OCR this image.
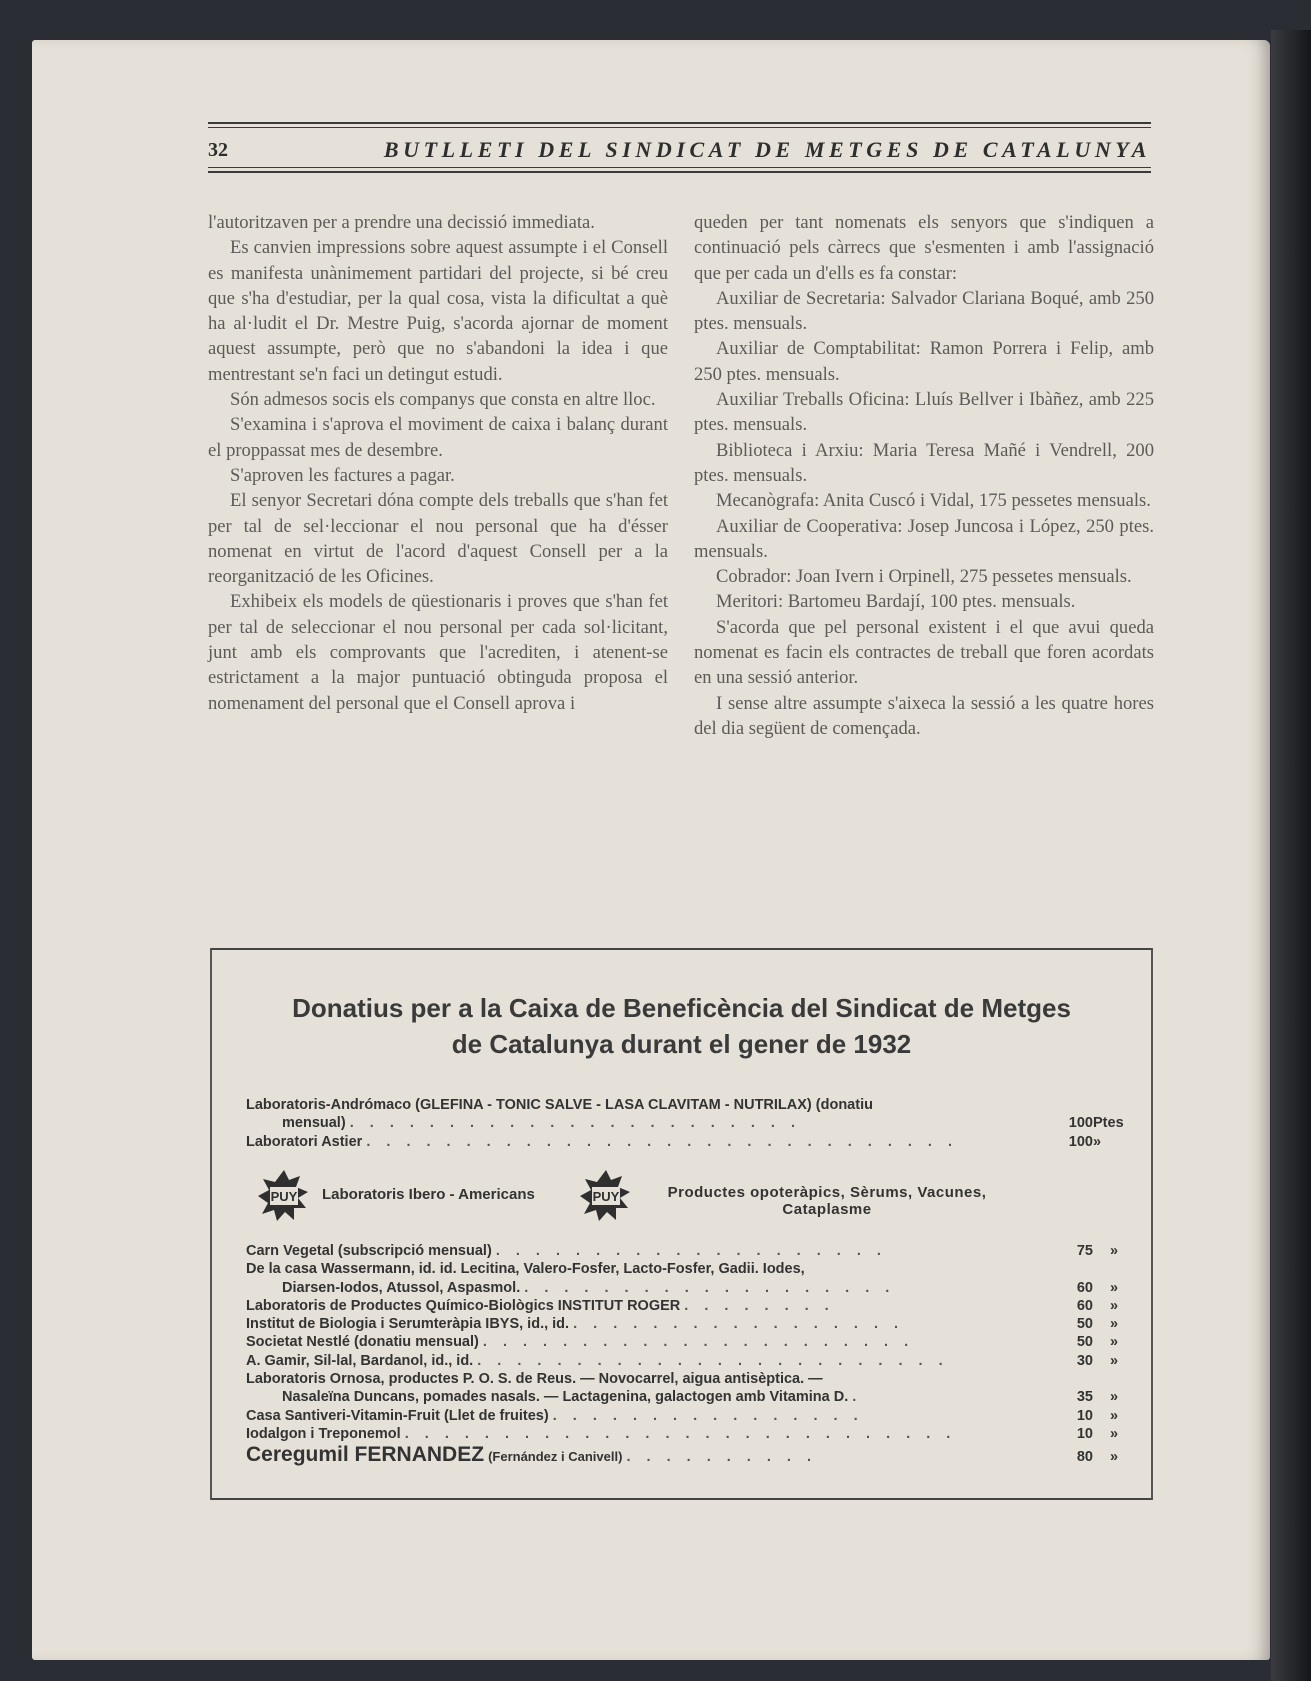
32	BUTLLETI DEL SINDICAT DE METGES DE CATALUNYA

l'autoritzaven per a prendre una decissió immediata.

Es canvien impressions sobre aquest assumpte i el Consell es manifesta unànimement partidari del projecte, si bé creu que s'ha d'estudiar, per la qual cosa, vista la dificultat a què ha al·ludit el Dr. Mestre Puig, s'acorda ajornar de moment aquest assumpte, però que no s'abandoni la idea i que mentrestant se'n faci un detingut estudi.

Són admesos socis els companys que consta en altre lloc.

S'examina i s'aprova el moviment de caixa i balanç durant el proppassat mes de desembre.

S'aproven les factures a pagar.

El senyor Secretari dóna compte dels treballs que s'han fet per tal de sel·leccionar el nou personal que ha d'ésser nomenat en virtut de l'acord d'aquest Consell per a la reorganització de les Oficines.

Exhibeix els models de qüestionaris i proves que s'han fet per tal de seleccionar el nou personal per cada sol·licitant, junt amb els comprovants que l'acrediten, i atenent-se estrictament a la major puntuació obtinguda proposa el nomenament del personal que el Consell aprova i

queden per tant nomenats els senyors que s'indiquen a continuació pels càrrecs que s'esmenten i amb l'assignació que per cada un d'ells es fa constar:

Auxiliar de Secretaria: Salvador Clariana Boqué, amb 250 ptes. mensuals.

Auxiliar de Comptabilitat: Ramon Porrera i Felip, amb 250 ptes. mensuals.

Auxiliar Treballs Oficina: Lluís Bellver i Ibàñez, amb 225 ptes. mensuals.

Biblioteca i Arxiu: Maria Teresa Mañé i Vendrell, 200 ptes. mensuals.

Mecanògrafa: Anita Cuscó i Vidal, 175 pessetes mensuals.

Auxiliar de Cooperativa: Josep Juncosa i López, 250 ptes. mensuals.

Cobrador: Joan Ivern i Orpinell, 275 pessetes mensuals.

Meritori: Bartomeu Bardají, 100 ptes. mensuals.

S'acorda que pel personal existent i el que avui queda nomenat es facin els contractes de treball que foren acordats en una sessió anterior.

I sense altre assumpte s'aixeca la sessió a les quatre hores del dia següent de començada.

Donatius per a la Caixa de Beneficència del Sindicat de Metges
de Catalunya durant el gener de 1932
Laboratoris-Andrómaco (GLEFINA - TONIC SALVE - LASA CLAVITAM - NUTRILAX) (donatiu
mensual) . . . . . . . . . . . . . . . . . . . . . . .	100 Ptes
Laboratori Astier . . . . . . . . . . . . . . . . . . . . . . . . . . . . . .	100 »
PUY Laboratoris Ibero - Americans	PUY	Productes opoteràpics, Sèrums, Vacunes,
Cataplasme
Carn Vegetal (subscripció mensual) . . . . . . . . . . . . . . . . . . . .	75 »
De la casa Wassermann, id. id. Lecitina, Valero-Fosfer, Lacto-Fosfer, Gadii. Iodes,
Diarsen-Iodos, Atussol, Aspasmol. . . . . . . . . . . . . . . . . . . .	60 »
Laboratoris de Productes Químico-Biològics INSTITUT ROGER . . . . . . . .	60 »
Institut de Biologia i Serumteràpia IBYS, id., id. . . . . . . . . . . . . . . . . .	50 »
Societat Nestlé (donatiu mensual) . . . . . . . . . . . . . . . . . . . . . .	50 »
A. Gamir, Sil-lal, Bardanol, id., id. . . . . . . . . . . . . . . . . . . . . . . . .	30 »
Laboratoris Ornosa, productes P. O. S. de Reus. — Novocarrel, aigua antisèptica. —
Nasaleïna Duncans, pomades nasals. — Lactagenina, galactogen amb Vitamina D. .	35 »
Casa Santiveri-Vitamin-Fruit (Llet de fruites) . . . . . . . . . . . . . . . .	10 »
Iodalgon i Treponemol . . . . . . . . . . . . . . . . . . . . . . . . . . . .	10 »
Ceregumil FERNANDEZ (Fernández i Canivell) . . . . . . . . . .	80 »
